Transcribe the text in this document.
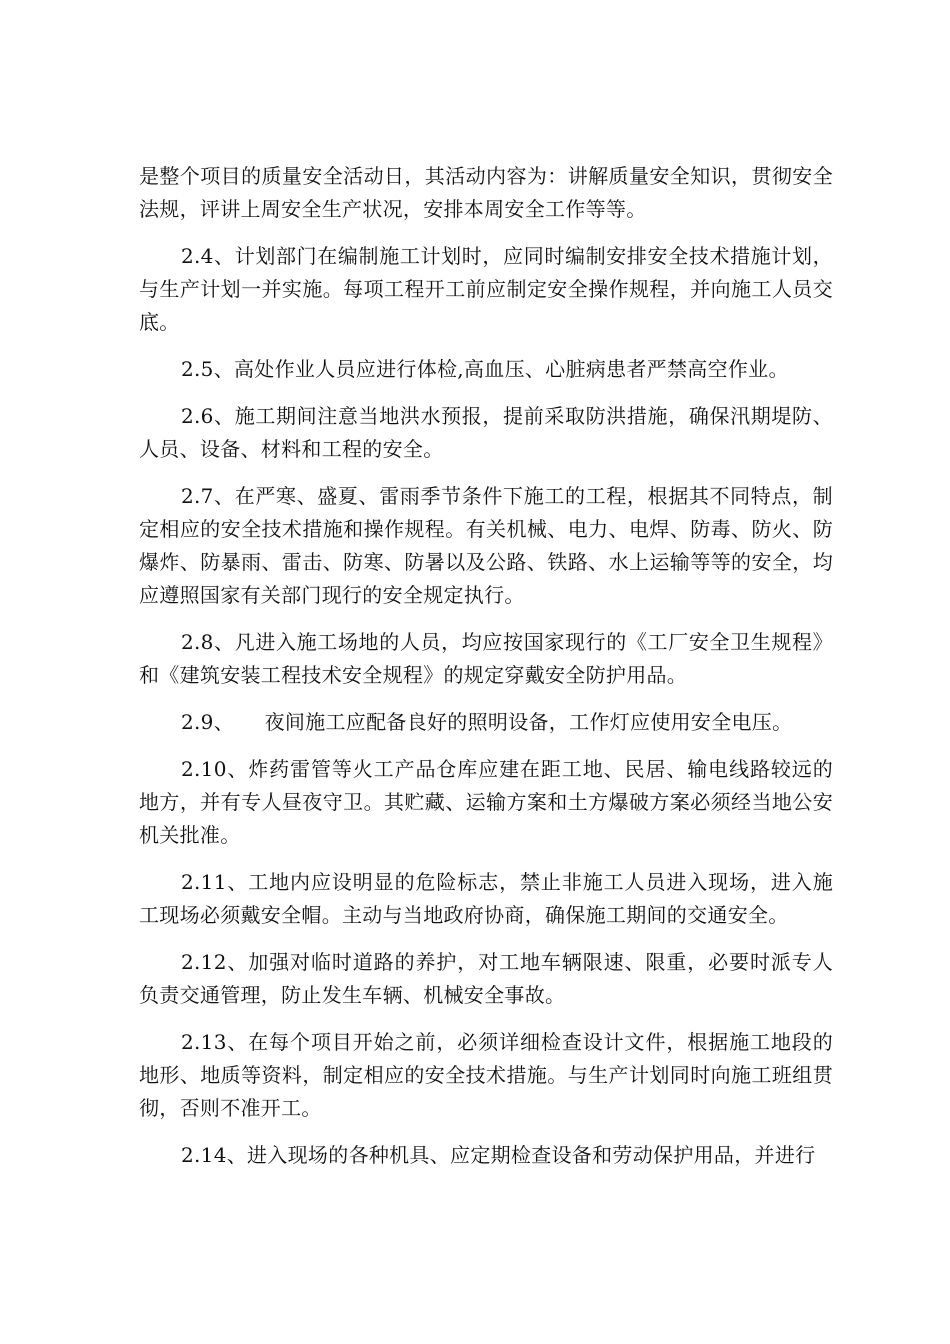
是整个项目的质量安全活动日，其活动内容为：讲解质量安全知识，贯彻安全法规，评讲上周安全生产状况，安排本周安全工作等等。

2.4、计划部门在编制施工计划时，应同时编制安排安全技术措施计划，与生产计划一并实施。每项工程开工前应制定安全操作规程，并向施工人员交底。

2.5、高处作业人员应进行体检,高血压、心脏病患者严禁高空作业。

2.6、施工期间注意当地洪水预报，提前采取防洪措施，确保汛期堤防、人员、设备、材料和工程的安全。

2.7、在严寒、盛夏、雷雨季节条件下施工的工程，根据其不同特点，制定相应的安全技术措施和操作规程。有关机械、电力、电焊、防毒、防火、防爆炸、防暴雨、雷击、防寒、防暑以及公路、铁路、水上运输等等的安全，均应遵照国家有关部门现行的安全规定执行。

2.8、凡进入施工场地的人员，均应按国家现行的《工厂安全卫生规程》和《建筑安装工程技术安全规程》的规定穿戴安全防护用品。

2.9、　　夜间施工应配备良好的照明设备，工作灯应使用安全电压。

2.10、炸药雷管等火工产品仓库应建在距工地、民居、输电线路较远的地方，并有专人昼夜守卫。其贮藏、运输方案和土方爆破方案必须经当地公安机关批准。

2.11、工地内应设明显的危险标志，禁止非施工人员进入现场，进入施工现场必须戴安全帽。主动与当地政府协商，确保施工期间的交通安全。

2.12、加强对临时道路的养护，对工地车辆限速、限重，必要时派专人负责交通管理，防止发生车辆、机械安全事故。

2.13、在每个项目开始之前，必须详细检查设计文件，根据施工地段的地形、地质等资料，制定相应的安全技术措施。与生产计划同时向施工班组贯彻，否则不准开工。

2.14、进入现场的各种机具、应定期检查设备和劳动保护用品，并进行
